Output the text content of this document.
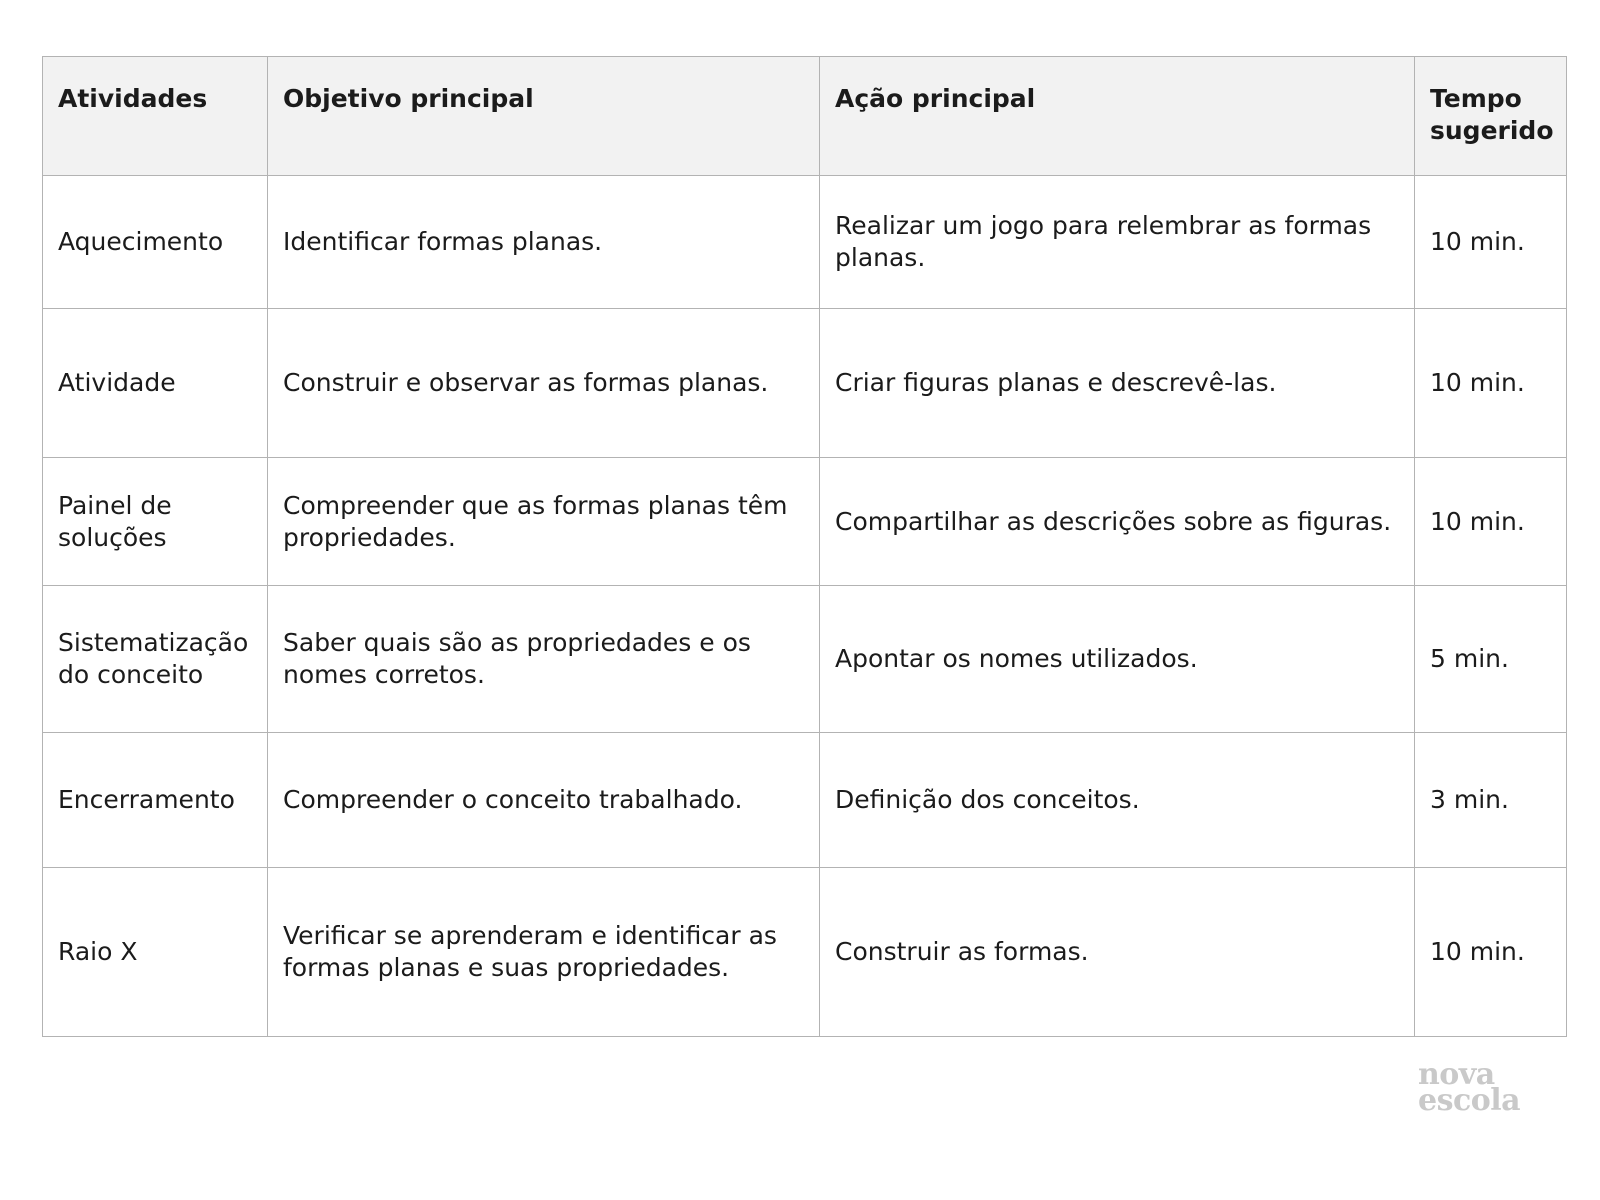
Atividades	Objetivo principal	Ação principal	Tempo sugerido
Aquecimento	Identificar formas planas.	Realizar um jogo para relembrar as formas planas.	10 min.
Atividade	Construir e observar as formas planas.	Criar figuras planas e descrevê-las.	10 min.
Painel de soluções	Compreender que as formas planas têm propriedades.	Compartilhar as descrições sobre as figuras.	10 min.
Sistematização do conceito	Saber quais são as propriedades e os nomes corretos.	Apontar os nomes utilizados.	5 min.
Encerramento	Compreender o conceito trabalhado.	Definição dos conceitos.	3 min.
Raio X	Verificar se aprenderam e identificar as formas planas e suas propriedades.	Construir as formas.	10 min.
nova
escola
